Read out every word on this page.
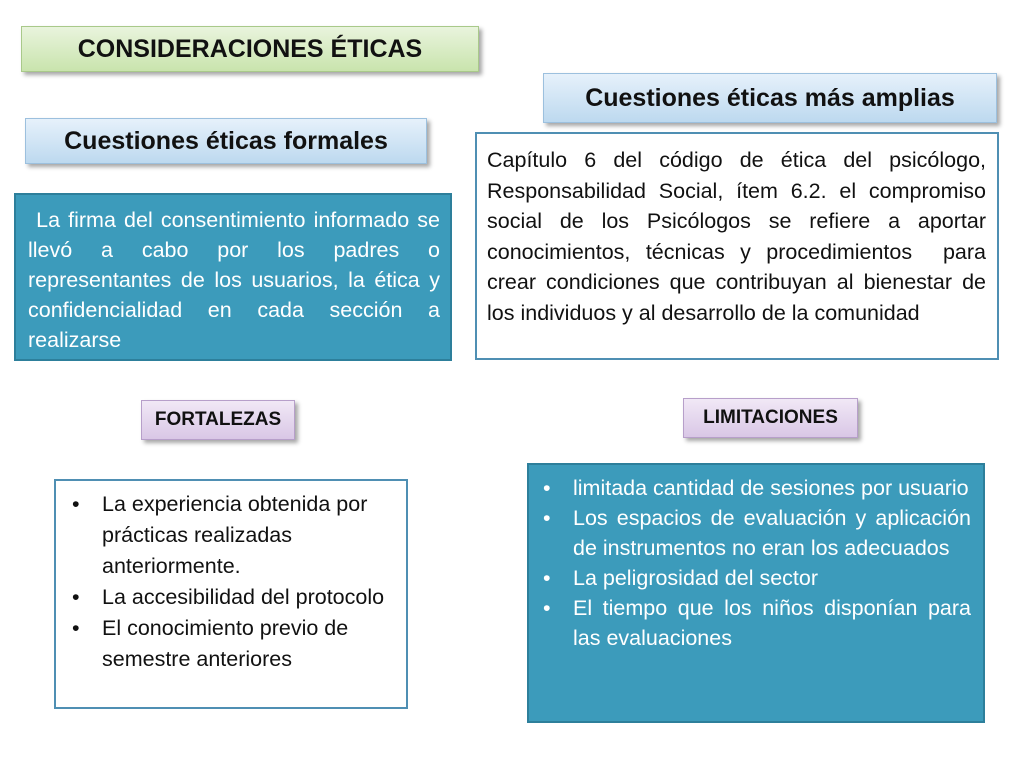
CONSIDERACIONES ÉTICAS
Cuestiones éticas más amplias
Cuestiones éticas formales
La firma del consentimiento informado se llevó a cabo por los padres o representantes de los usuarios, la ética y confidencialidad en cada sección a realizarse
Capítulo 6 del código de ética del psicólogo, Responsabilidad Social, ítem 6.2. el compromiso social de los Psicólogos se refiere a aportar conocimientos, técnicas y procedimientos  para crear condiciones que contribuyan al bienestar de los individuos y al desarrollo de la comunidad
FORTALEZAS	LIMITACIONES
• La experiencia obtenida por prácticas realizadas anteriormente.
• La accesibilidad del protocolo
• El conocimiento previo de semestre anteriores
• limitada cantidad de sesiones por usuario
• Los espacios de evaluación y aplicación de instrumentos no eran los adecuados
• La peligrosidad del sector
• El tiempo que los niños disponían para las evaluaciones
